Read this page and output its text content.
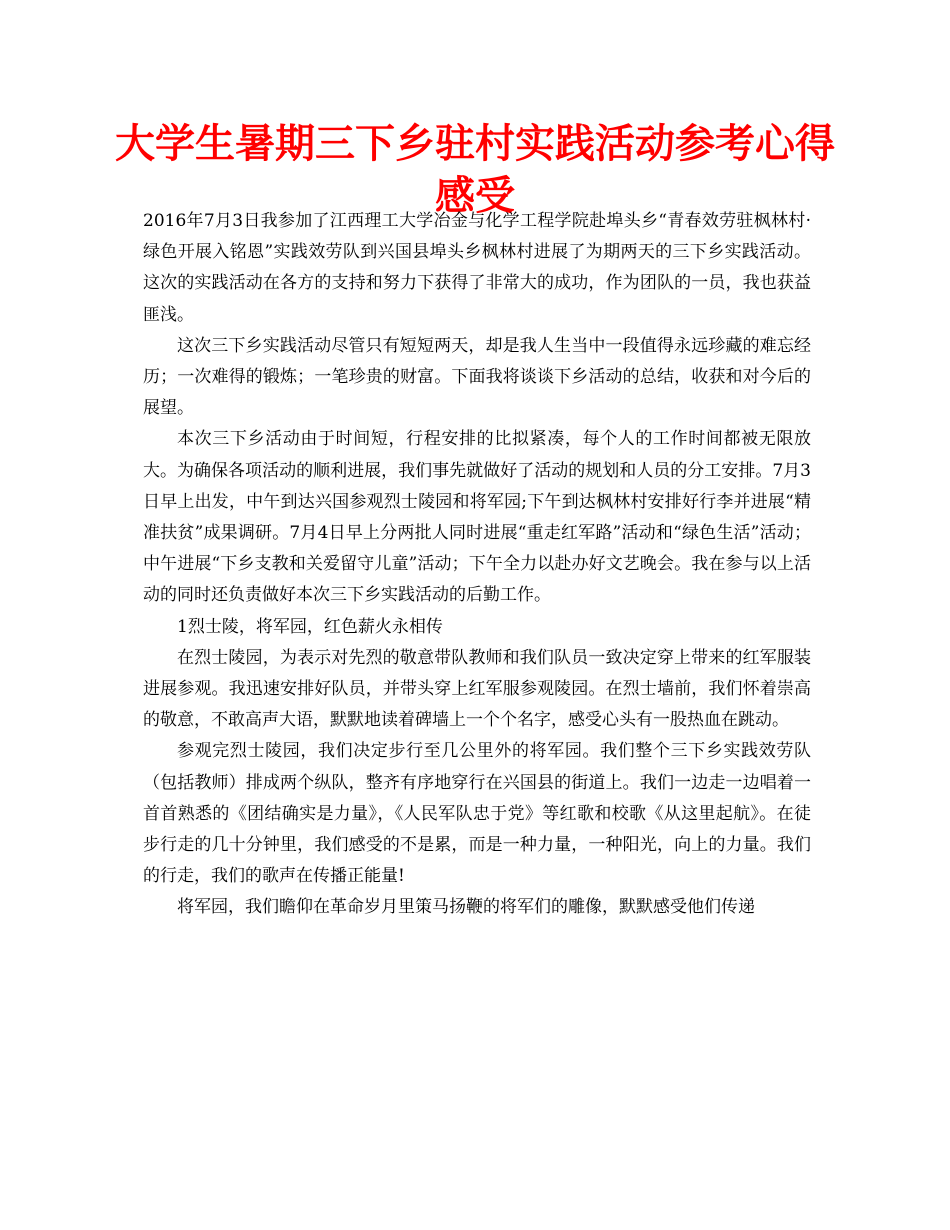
大学生暑期三下乡驻村实践活动参考心得感受

2016年7月3日我参加了江西理工大学冶金与化学工程学院赴埠头乡“青春效劳驻枫林村·绿色开展入铭恩”实践效劳队到兴国县埠头乡枫林村进展了为期两天的三下乡实践活动。这次的实践活动在各方的支持和努力下获得了非常大的成功，作为团队的一员，我也获益匪浅。

这次三下乡实践活动尽管只有短短两天，却是我人生当中一段值得永远珍藏的难忘经历；一次难得的锻炼；一笔珍贵的财富。下面我将谈谈下乡活动的总结，收获和对今后的展望。

本次三下乡活动由于时间短，行程安排的比拟紧凑，每个人的工作时间都被无限放大。为确保各项活动的顺利进展，我们事先就做好了活动的规划和人员的分工安排。7月3日早上出发，中午到达兴国参观烈士陵园和将军园;下午到达枫林村安排好行李并进展“精准扶贫”成果调研。7月4日早上分两批人同时进展“重走红军路”活动和“绿色生活”活动；中午进展“下乡支教和关爱留守儿童”活动；下午全力以赴办好文艺晚会。我在参与以上活动的同时还负责做好本次三下乡实践活动的后勤工作。

1烈士陵，将军园，红色薪火永相传

在烈士陵园，为表示对先烈的敬意带队教师和我们队员一致决定穿上带来的红军服装进展参观。我迅速安排好队员，并带头穿上红军服参观陵园。在烈士墙前，我们怀着崇高的敬意，不敢高声大语，默默地读着碑墙上一个个名字，感受心头有一股热血在跳动。

参观完烈士陵园，我们决定步行至几公里外的将军园。我们整个三下乡实践效劳队（包括教师）排成两个纵队，整齐有序地穿行在兴国县的街道上。我们一边走一边唱着一首首熟悉的《团结确实是力量》，《人民军队忠于党》等红歌和校歌《从这里起航》。在徒步行走的几十分钟里，我们感受的不是累，而是一种力量，一种阳光，向上的力量。我们的行走，我们的歌声在传播正能量!

将军园，我们瞻仰在革命岁月里策马扬鞭的将军们的雕像，默默感受他们传递
